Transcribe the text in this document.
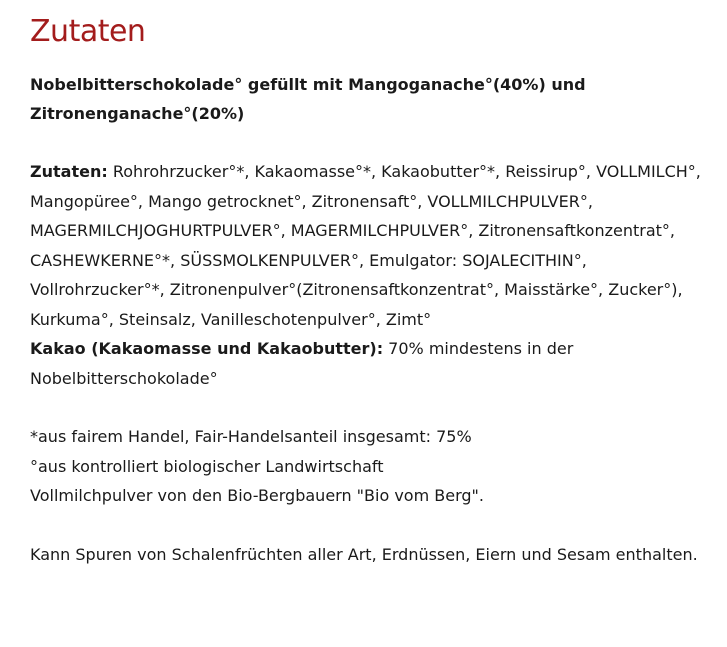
Zutaten
Nobelbitterschokolade° gefüllt mit Mangoganache°(40%) und Zitronenganache°(20%)
Zutaten: Rohrohrzucker°*, Kakaomasse°*, Kakaobutter°*, Reissirup°, VOLLMILCH°, Mangopüree°, Mango getrocknet°, Zitronensaft°, VOLLMILCHPULVER°, MAGERMILCHJOGHURTPULVER°, MAGERMILCHPULVER°, Zitronensaftkonzentrat°, CASHEWKERNE°*, SÜSSMOLKENPULVER°, Emulgator: SOJALECITHIN°, Vollrohrzucker°*, Zitronenpulver°(Zitronensaftkonzentrat°, Maisstärke°, Zucker°), Kurkuma°, Steinsalz, Vanilleschotenpulver°, Zimt°
Kakao (Kakaomasse und Kakaobutter): 70% mindestens in der Nobelbitterschokolade°
*aus fairem Handel, Fair-Handelsanteil insgesamt: 75%
°aus kontrolliert biologischer Landwirtschaft
Vollmilchpulver von den Bio-Bergbauern "Bio vom Berg".
Kann Spuren von Schalenfrüchten aller Art, Erdnüssen, Eiern und Sesam enthalten.
